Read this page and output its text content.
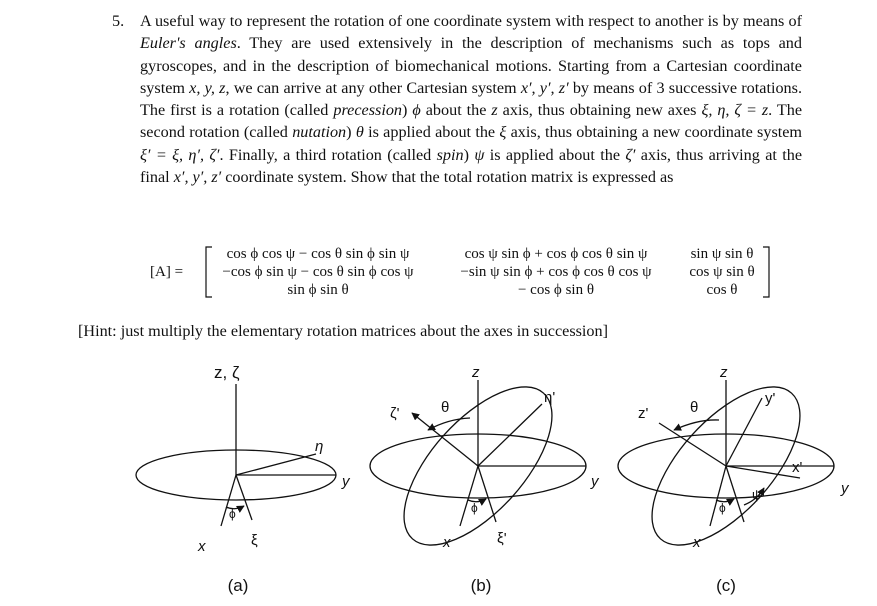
5. A useful way to represent the rotation of one coordinate system with respect to another is by means of Euler's angles. They are used extensively in the description of mechanisms such as tops and gyroscopes, and in the description of biomechanical motions. Starting from a Cartesian coordinate system x, y, z, we can arrive at any other Cartesian system x′, y′, z′ by means of 3 successive rotations. The first is a rotation (called precession) ϕ about the z axis, thus obtaining new axes ξ, η, ζ = z. The second rotation (called nutation) θ is applied about the ξ axis, thus obtaining a new coordinate system ξ′ = ξ, η′, ζ′. Finally, a third rotation (called spin) ψ is applied about the ζ′ axis, thus arriving at the final x′, y′, z′ coordinate system. Show that the total rotation matrix is expressed as
[A] =
cos ϕ cos ψ − cos θ sin ϕ sin ψ	cos ψ sin ϕ + cos ϕ cos θ sin ψ	sin ψ sin θ
−cos ϕ sin ψ − cos θ sin ϕ cos ψ	−sin ψ sin ϕ + cos ϕ cos θ cos ψ	cos ψ sin θ
sin ϕ sin θ	− cos ϕ sin θ	cos θ
[Hint: just multiply the elementary rotation matrices about the axes in succession]
z, ζ
η
y
x	ξ
ϕ
(a)
z
ζ'	θ
η'
y
x	ξ'
ϕ
(b)
z
z'	θ
y'
x'
y
x
ψ
ϕ
(c)
